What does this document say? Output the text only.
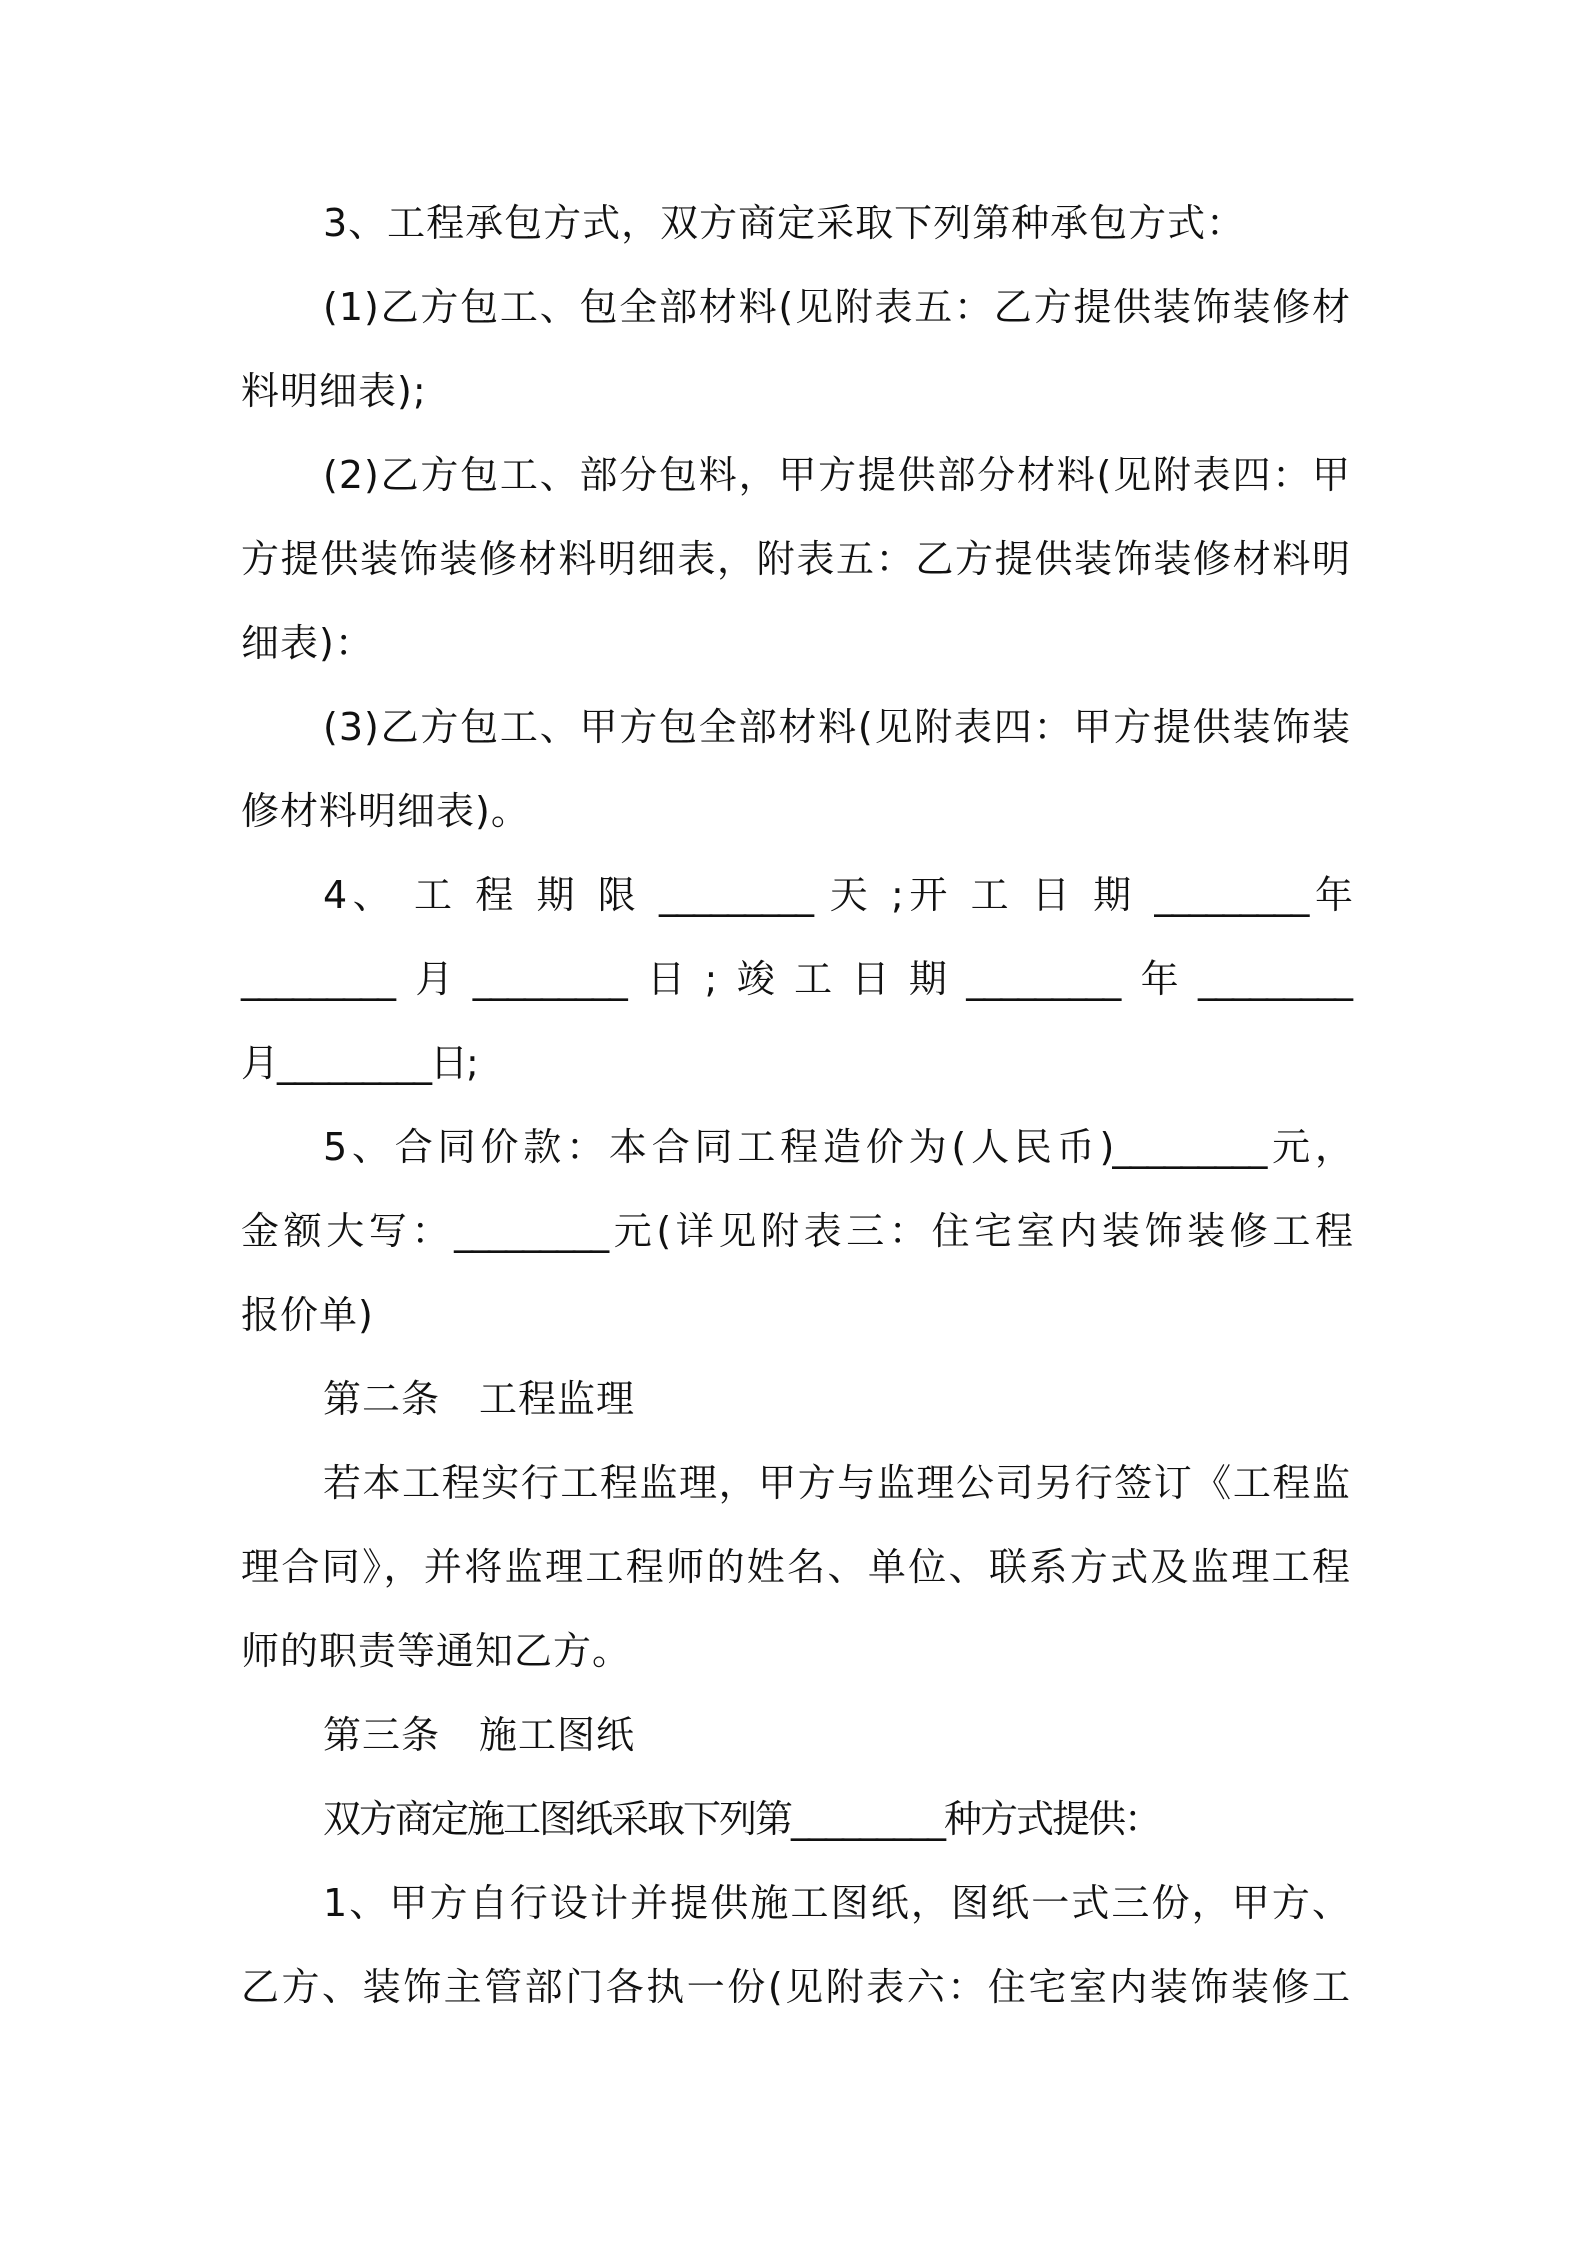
3、工程承包方式，双方商定采取下列第种承包方式：
(1)乙方包工、包全部材料(见附表五：乙方提供装饰装修材
料明细表);
(2)乙方包工、部分包料，甲方提供部分材料(见附表四：甲
方提供装饰装修材料明细表，附表五：乙方提供装饰装修材料明
细表)：
(3)乙方包工、甲方包全部材料(见附表四：甲方提供装饰装
修材料明细表)。
4、 工 程 期 限 _________ 天 ;开 工 日 期 _________年
_________月_________日;竣工日期_________年_________
月_________日;
5、合同价款：本合同工程造价为(人民币)_________元，
金额大写：_________元(详见附表三：住宅室内装饰装修工程
报价单)
第二条　工程监理
若本工程实行工程监理，甲方与监理公司另行签订《工程监
理合同》，并将监理工程师的姓名、单位、联系方式及监理工程
师的职责等通知乙方。
第三条　施工图纸
双方商定施工图纸采取下列第_________种方式提供：
1、甲方自行设计并提供施工图纸，图纸一式三份，甲方、
乙方、装饰主管部门各执一份(见附表六：住宅室内装饰装修工
